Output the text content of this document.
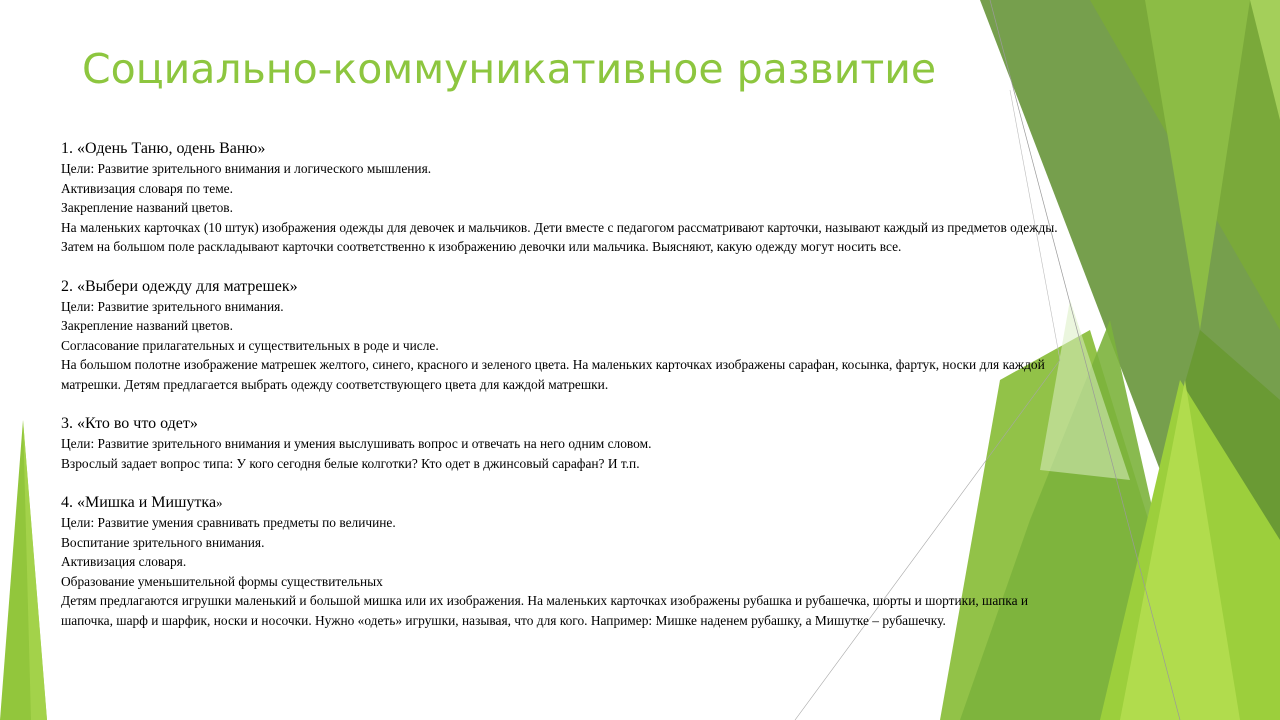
Социально-коммуникативное развитие
1. «Одень Таню, одень Ваню»

Цели: Развитие зрительного внимания и логического мышления.

Активизация словаря по теме.

Закрепление названий цветов.

На маленьких карточках (10 штук) изображения одежды для девочек и мальчиков. Дети вместе с педагогом рассматривают карточки, называют каждый из предметов одежды. Затем на большом поле раскладывают карточки соответственно к изображению девочки или мальчика. Выясняют, какую одежду могут носить все.

2. «Выбери одежду для матрешек»

Цели: Развитие зрительного внимания.

Закрепление названий цветов.

Согласование прилагательных и существительных в роде и числе.

На большом полотне изображение матрешек желтого, синего, красного и зеленого цвета. На маленьких карточках изображены сарафан, косынка, фартук, носки для каждой матрешки. Детям предлагается выбрать одежду соответствующего цвета для каждой матрешки.

3. «Кто во что одет»

Цели: Развитие зрительного внимания и умения выслушивать вопрос и отвечать на него одним словом.

Взрослый задает вопрос типа: У кого сегодня белые колготки? Кто одет в джинсовый сарафан? И т.п.

4. «Мишка и Мишутка»

Цели: Развитие умения сравнивать предметы по величине.

Воспитание зрительного внимания.

Активизация словаря.

Образование уменьшительной формы существительных

Детям предлагаются игрушки маленький и большой мишка или их изображения. На маленьких карточках изображены рубашка и рубашечка, шорты и шортики, шапка и шапочка, шарф и шарфик, носки и носочки. Нужно «одеть» игрушки, называя, что для кого. Например: Мишке наденем рубашку, а Мишутке – рубашечку.
